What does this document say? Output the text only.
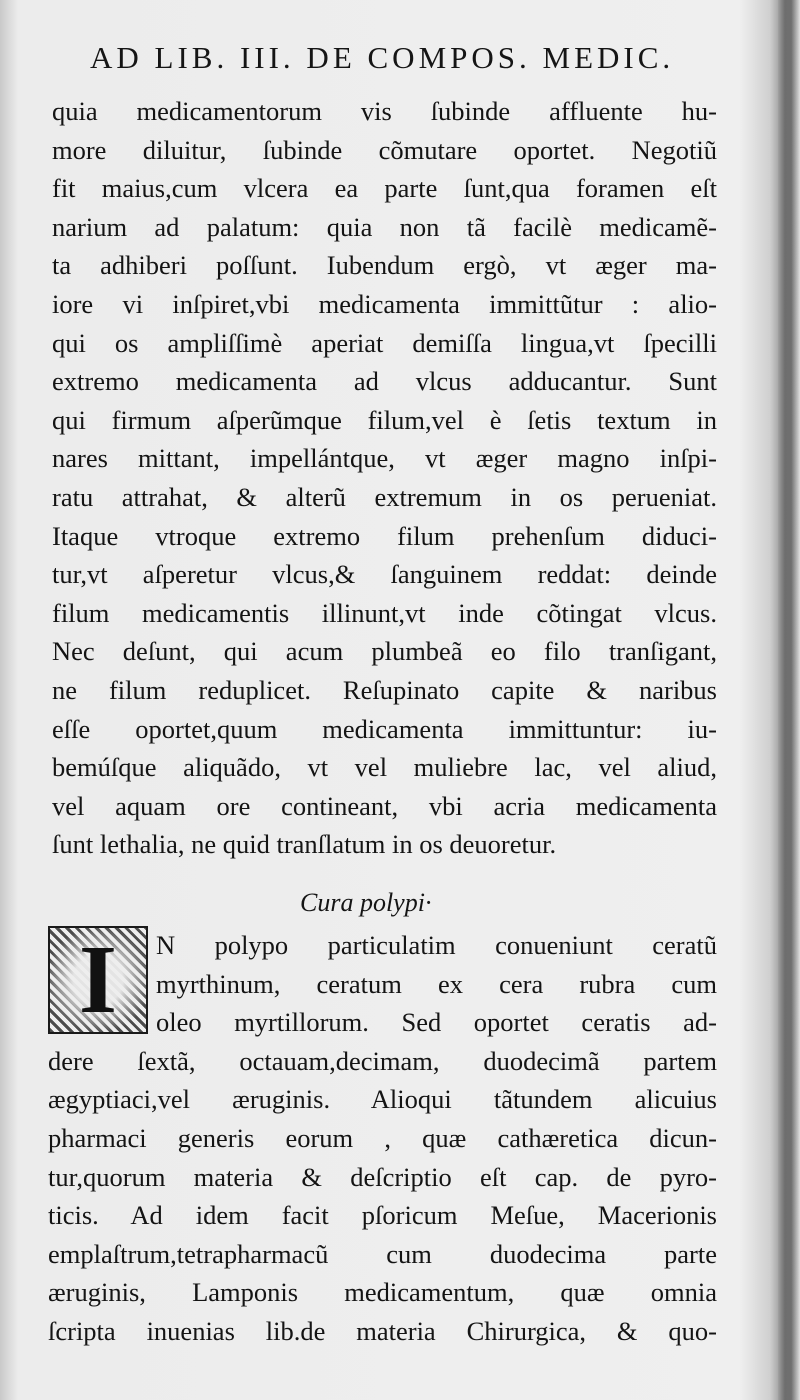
AD LIB. III. DE COMPOS. MEDIC.
quia medicamentorum vis ſubinde affluente hu-
more diluitur, ſubinde cõmutare oportet. Negotiũ
fit maius,cum vlcera ea parte ſunt,qua foramen eſt
narium ad palatum: quia non tã facilè medicamẽ-
ta adhiberi poſſunt. Iubendum ergò, vt æger ma-
iore vi inſpiret,vbi medicamenta immittũtur : alio-
qui os ampliſſimè aperiat demiſſa lingua,vt ſpecilli
extremo medicamenta ad vlcus adducantur. Sunt
qui firmum aſperũmque filum,vel è ſetis textum in
nares mittant, impellántque, vt æger magno inſpi-
ratu attrahat, & alterũ extremum in os perueniat.
Itaque vtroque extremo filum prehenſum diduci-
tur,vt aſperetur vlcus,& ſanguinem reddat: deinde
filum medicamentis illinunt,vt inde cõtingat vlcus.
Nec deſunt, qui acum plumbeã eo filo tranſigant,
ne filum reduplicet. Reſupinato capite & naribus
eſſe oportet,quum medicamenta immittuntur: iu-
bemúſque aliquãdo, vt vel muliebre lac, vel aliud,
vel aquam ore contineant, vbi acria medicamenta
ſunt lethalia, ne quid tranſlatum in os deuoretur.
Cura polypi·
N polypo particulatim conueniunt ceratũ
myrthinum, ceratum ex cera rubra cum
oleo myrtillorum. Sed oportet ceratis ad-
dere ſextã, octauam,decimam, duodecimã partem
ægyptiaci,vel æruginis. Alioqui tãtundem alicuius
pharmaci generis eorum , quæ cathæretica dicun-
tur,quorum materia & deſcriptio eſt cap. de pyro-
ticis. Ad idem facit pſoricum Meſue, Macerionis
emplaſtrum,tetrapharmacũ cum duodecima parte
æruginis, Lamponis medicamentum, quæ omnia
ſcripta inuenias lib.de materia Chirurgica, & quo-
I
